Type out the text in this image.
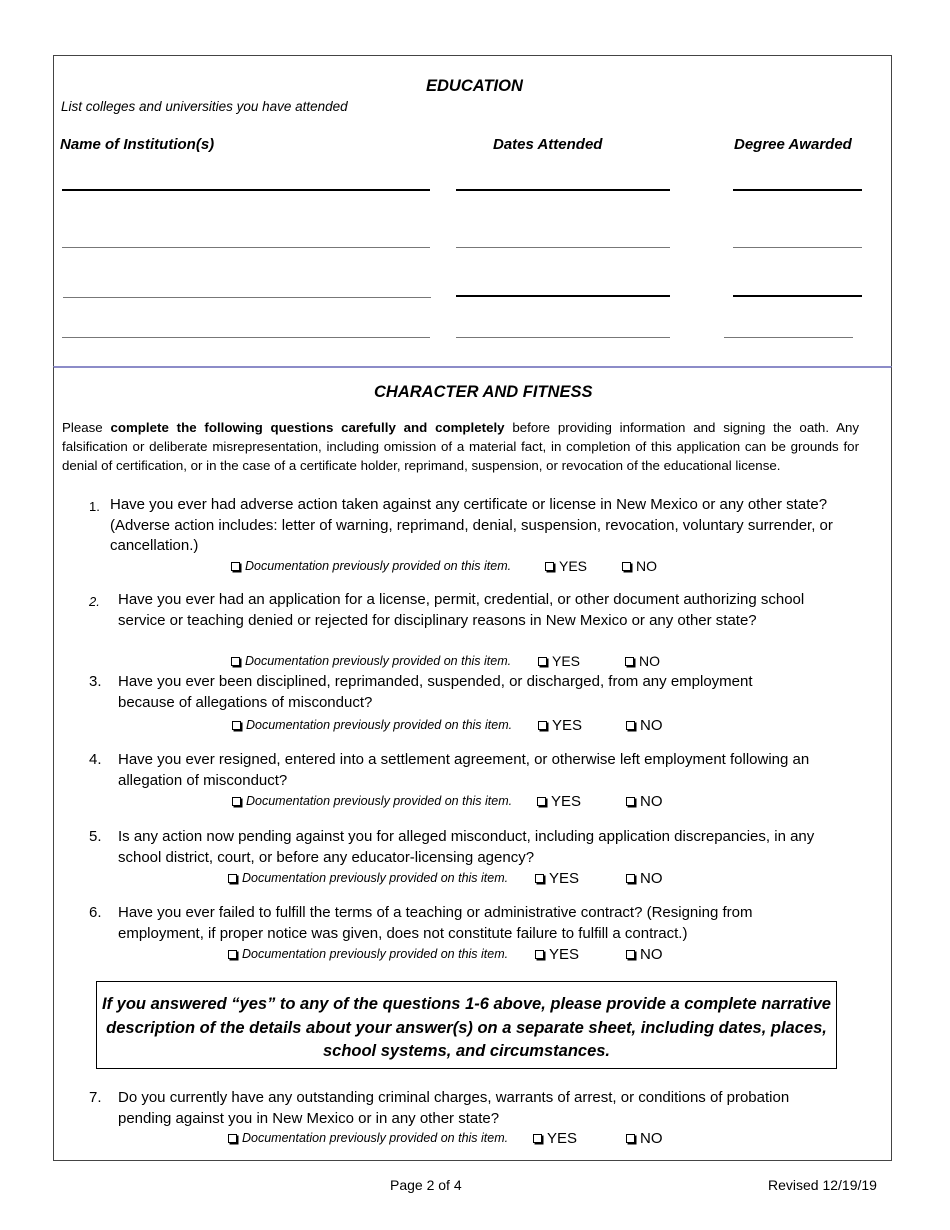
EDUCATION
List colleges and universities you have attended
Name of Institution(s)	Dates Attended	Degree Awarded
CHARACTER AND FITNESS
Please complete the following questions carefully and completely before providing information and signing the oath. Any falsification or deliberate misrepresentation, including omission of a material fact, in completion of this application can be grounds for denial of certification, or in the case of a certificate holder, reprimand, suspension, or revocation of the educational license.
1. Have you ever had adverse action taken against any certificate or license in New Mexico or any other state? (Adverse action includes: letter of warning, reprimand, denial, suspension, revocation, voluntary surrender, or cancellation.)
Documentation previously provided on this item.	YES	NO
2. Have you ever had an application for a license, permit, credential, or other document authorizing school service or teaching denied or rejected for disciplinary reasons in New Mexico or any other state?
Documentation previously provided on this item.	YES	NO
3. Have you ever been disciplined, reprimanded, suspended, or discharged, from any employment because of allegations of misconduct?
Documentation previously provided on this item.	YES	NO
4. Have you ever resigned, entered into a settlement agreement, or otherwise left employment following an allegation of misconduct?
Documentation previously provided on this item.	YES	NO
5. Is any action now pending against you for alleged misconduct, including application discrepancies, in any school district, court, or before any educator-licensing agency?
Documentation previously provided on this item.	YES	NO
6. Have you ever failed to fulfill the terms of a teaching or administrative contract? (Resigning from employment, if proper notice was given, does not constitute failure to fulfill a contract.)
Documentation previously provided on this item.	YES	NO
If you answered “yes” to any of the questions 1-6 above, please provide a complete narrative description of the details about your answer(s) on a separate sheet, including dates, places, school systems, and circumstances.
7. Do you currently have any outstanding criminal charges, warrants of arrest, or conditions of probation pending against you in New Mexico or in any other state?
Documentation previously provided on this item.	YES	NO
Page 2 of 4	Revised 12/19/19
